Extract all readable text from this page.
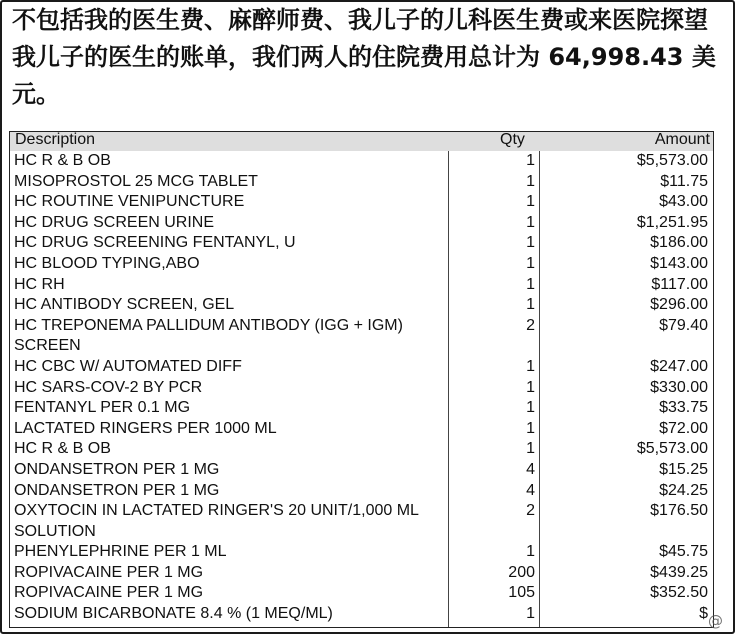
不包括我的医生费、麻醉师费、我儿子的儿科医生费或来医院探望我儿子的医生的账单，我们两人的住院费用总计为 64,998.43 美元。

Description	Qty	Amount
HC R & B OB	1	$5,573.00
MISOPROSTOL 25 MCG TABLET	1	$11.75
HC ROUTINE VENIPUNCTURE	1	$43.00
HC DRUG SCREEN URINE	1	$1,251.95
HC DRUG SCREENING FENTANYL, U	1	$186.00
HC BLOOD TYPING,ABO	1	$143.00
HC RH	1	$117.00
HC ANTIBODY SCREEN, GEL	1	$296.00
HC TREPONEMA PALLIDUM ANTIBODY (IGG + IGM) SCREEN
2	$79.40
HC CBC W/ AUTOMATED DIFF	1	$247.00
HC SARS-COV-2 BY PCR	1	$330.00
FENTANYL PER 0.1 MG	1	$33.75
LACTATED RINGERS PER 1000 ML	1	$72.00
HC R & B OB	1	$5,573.00
ONDANSETRON PER 1 MG	4	$15.25
ONDANSETRON PER 1 MG	4	$24.25
OXYTOCIN IN LACTATED RINGER'S 20 UNIT/1,000 ML SOLUTION
2	$176.50
PHENYLEPHRINE PER 1 ML	1	$45.75
ROPIVACAINE PER 1 MG	200	$439.25
ROPIVACAINE PER 1 MG	105	$352.50
SODIUM BICARBONATE 8.4 % (1 MEQ/ML)	1	$ @
